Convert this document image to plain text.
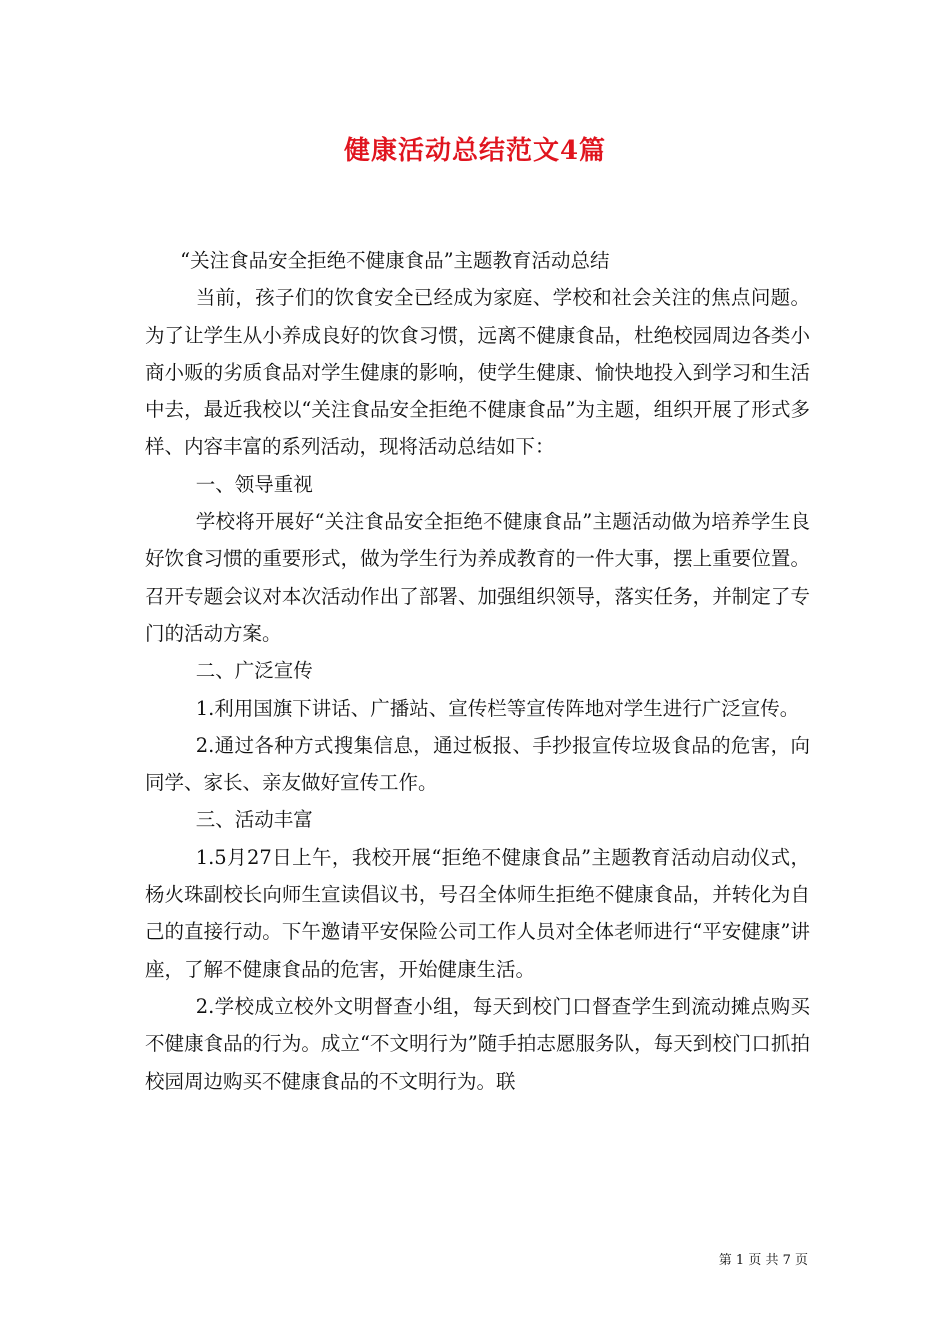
健康活动总结范文4篇

“关注食品安全拒绝不健康食品”主题教育活动总结

当前，孩子们的饮食安全已经成为家庭、学校和社会关注的焦点问题。为了让学生从小养成良好的饮食习惯，远离不健康食品，杜绝校园周边各类小商小贩的劣质食品对学生健康的影响，使学生健康、愉快地投入到学习和生活中去，最近我校以“关注食品安全拒绝不健康食品”为主题，组织开展了形式多样、内容丰富的系列活动，现将活动总结如下：

一、领导重视

学校将开展好“关注食品安全拒绝不健康食品”主题活动做为培养学生良好饮食习惯的重要形式，做为学生行为养成教育的一件大事，摆上重要位置。召开专题会议对本次活动作出了部署、加强组织领导，落实任务，并制定了专门的活动方案。

二、广泛宣传

1.利用国旗下讲话、广播站、宣传栏等宣传阵地对学生进行广泛宣传。

2.通过各种方式搜集信息，通过板报、手抄报宣传垃圾食品的危害，向同学、家长、亲友做好宣传工作。

三、活动丰富

1.5月27日上午，我校开展“拒绝不健康食品”主题教育活动启动仪式，杨火珠副校长向师生宣读倡议书，号召全体师生拒绝不健康食品，并转化为自己的直接行动。下午邀请平安保险公司工作人员对全体老师进行“平安健康”讲座，了解不健康食品的危害，开始健康生活。

2.学校成立校外文明督查小组，每天到校门口督查学生到流动摊点购买不健康食品的行为。成立“不文明行为”随手拍志愿服务队，每天到校门口抓拍校园周边购买不健康食品的不文明行为。联

第 1 页 共 7 页
